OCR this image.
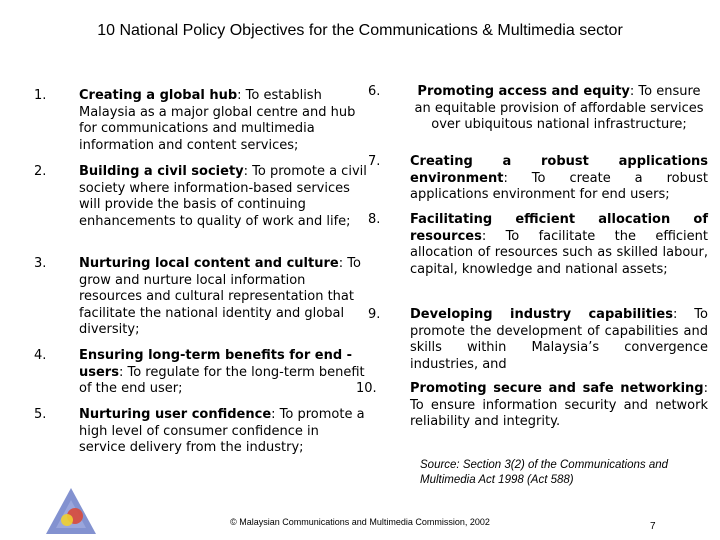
10 National Policy Objectives for the Communications & Multimedia sector
1.	Creating a global hub: To establish Malaysia as a major global centre and hub for communications and multimedia information and content services;
2.	Building a civil society: To promote a civil society where information-based services will provide the basis of continuing enhancements to quality of work and life;
3.	Nurturing local content and culture: To grow and nurture local information resources and cultural representation that facilitate the national identity and global diversity;
4.	Ensuring long-term benefits for end -users: To regulate for the long-term benefit of the end user;
5.	Nurturing user confidence: To promote a high level of consumer confidence in service delivery from the industry;
6.	Promoting access and equity: To ensure an equitable provision of affordable services over ubiquitous national infrastructure;
7. Creating a robust applications environment: To create a robust applications environment for end users;
8. Facilitating efficient allocation of resources: To facilitate the efficient allocation of resources such as skilled labour, capital, knowledge and national assets;
9. Developing industry capabilities: To promote the development of capabilities and skills within Malaysia’s convergence industries, and
10.	Promoting secure and safe networking: To ensure information security and network reliability and integrity.
Source: Section 3(2) of the Communications and Multimedia Act 1998 (Act 588)
© Malaysian Communications and Multimedia Commission, 2002	7
